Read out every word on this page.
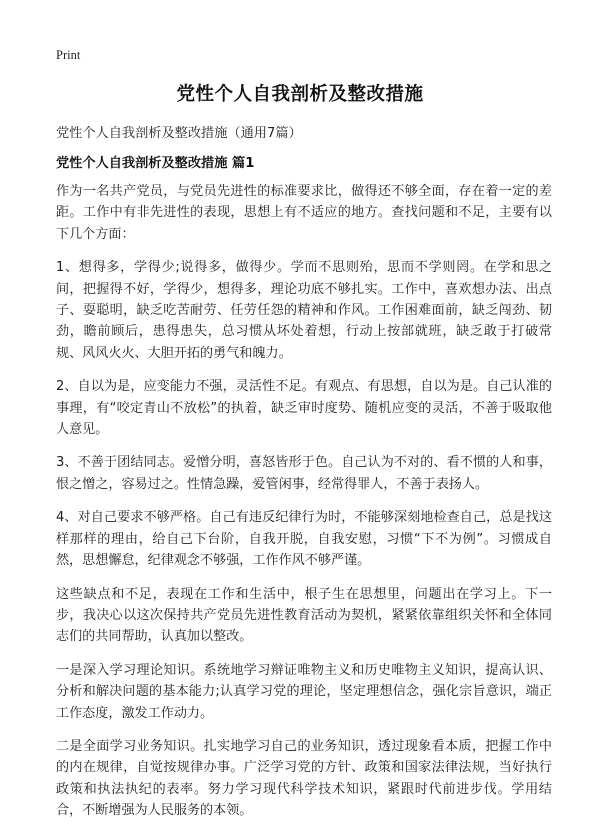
Print

党性个人自我剖析及整改措施

党性个人自我剖析及整改措施（通用7篇）

党性个人自我剖析及整改措施 篇1

作为一名共产党员，与党员先进性的标准要求比，做得还不够全面，存在着一定的差距。工作中有非先进性的表现，思想上有不适应的地方。查找问题和不足，主要有以下几个方面：

1、想得多，学得少;说得多，做得少。学而不思则殆，思而不学则罔。在学和思之间，把握得不好，学得少，想得多，理论功底不够扎实。工作中，喜欢想办法、出点子、耍聪明，缺乏吃苦耐劳、任劳任怨的精神和作风。工作困难面前，缺乏闯劲、韧劲，瞻前顾后，患得患失，总习惯从坏处着想，行动上按部就班，缺乏敢于打破常规、风风火火、大胆开拓的勇气和魄力。

2、自以为是，应变能力不强，灵活性不足。有观点、有思想，自以为是。自己认准的事理，有“咬定青山不放松”的执着，缺乏审时度势、随机应变的灵活，不善于吸取他人意见。

3、不善于团结同志。爱憎分明，喜怒皆形于色。自己认为不对的、看不惯的人和事，恨之憎之，容易过之。性情急躁，爱管闲事，经常得罪人，不善于表扬人。

4、对自己要求不够严格。自己有违反纪律行为时，不能够深刻地检查自己，总是找这样那样的理由，给自己下台阶，自我开脱，自我安慰，习惯“下不为例”。习惯成自然，思想懈怠，纪律观念不够强，工作作风不够严谨。

这些缺点和不足，表现在工作和生活中，根子生在思想里，问题出在学习上。下一步，我决心以这次保持共产党员先进性教育活动为契机，紧紧依靠组织关怀和全体同志们的共同帮助，认真加以整改。

一是深入学习理论知识。系统地学习辩证唯物主义和历史唯物主义知识，提高认识、分析和解决问题的基本能力;认真学习党的理论，坚定理想信念，强化宗旨意识，端正工作态度，激发工作动力。

二是全面学习业务知识。扎实地学习自己的业务知识，透过现象看本质，把握工作中的内在规律，自觉按规律办事。广泛学习党的方针、政策和国家法律法规，当好执行政策和执法执纪的表率。努力学习现代科学技术知识，紧跟时代前进步伐。学用结合，不断增强为人民服务的本领。
